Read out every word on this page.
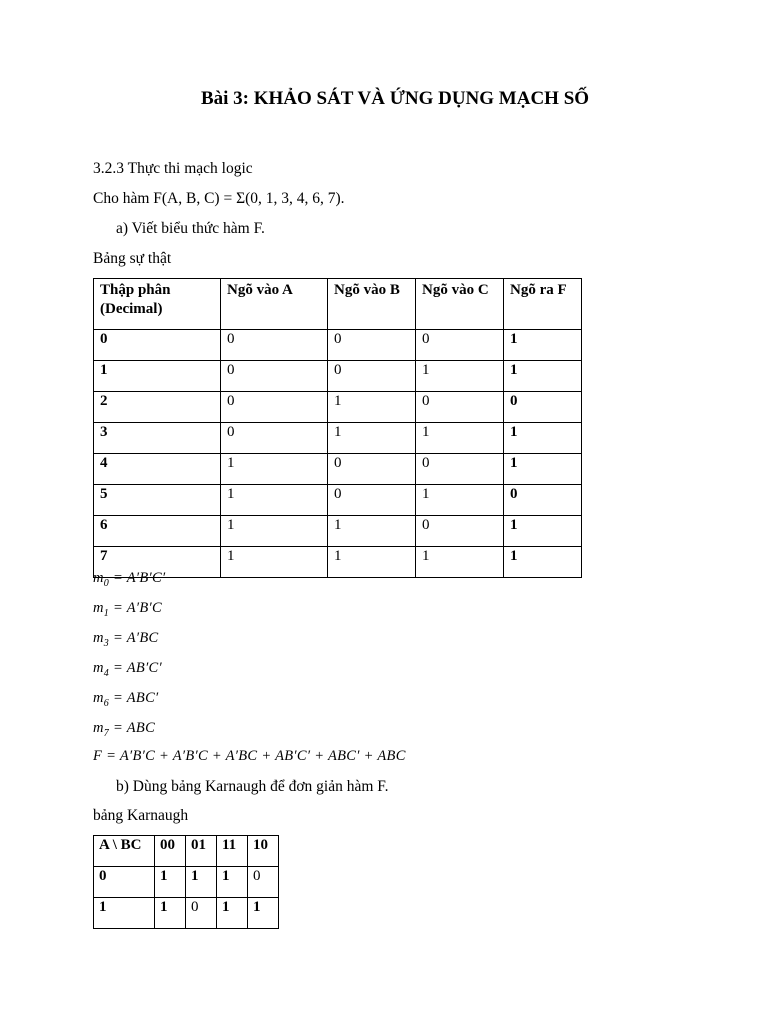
Bài 3: KHẢO SÁT VÀ ỨNG DỤNG MẠCH SỐ
3.2.3 Thực thi mạch logic
Cho hàm F(A, B, C) = Σ(0, 1, 3, 4, 6, 7).
a) Viết biểu thức hàm F.
Bảng sự thật
Thập phân
(Decimal)	Ngõ vào A	Ngõ vào B	Ngõ vào C	Ngõ ra F
0	0	0	0	1
1	0	0	1	1
2	0	1	0	0
3	0	1	1	1
4	1	0	0	1
5	1	0	1	0
6	1	1	0	1
7	1	1	1	1
$m_0 = A'B'C'$
$m_1 = A'B'C$
$m_3 = A'BC$
$m_4 = AB'C'$
$m_6 = ABC'$
$m_7$ = ABC
F = A′B′C + A′B′C + A′BC + AB′C′ + ABC′ + ABC
b) Dùng bảng Karnaugh để đơn giản hàm F.
bảng Karnaugh
A \ BC	00	01	11	10
0	1	1	1	0
1	1	0	1	1
